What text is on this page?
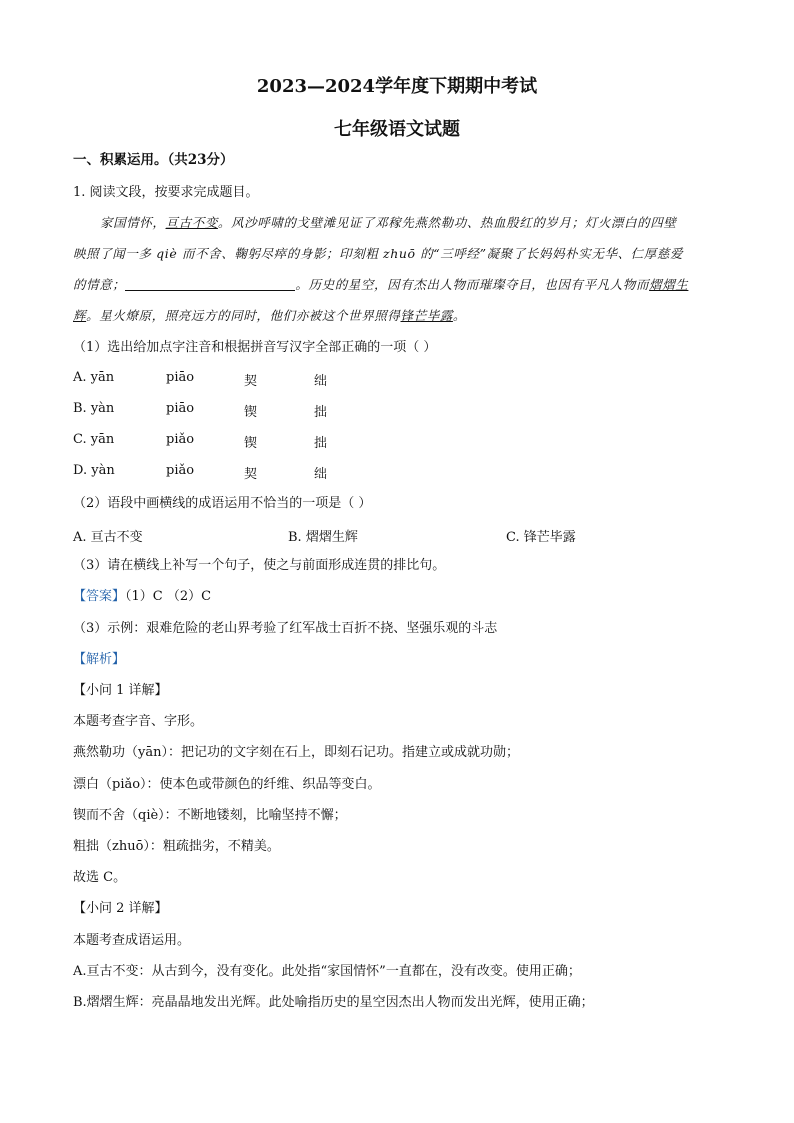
2023—2024学年度下期期中考试
七年级语文试题
一、积累运用。（共23分）
1. 阅读文段，按要求完成题目。
家国情怀，亘古不变。风沙呼啸的戈壁滩见证了邓稼先燕然勒功、热血殷红的岁月；灯火漂白的四壁
映照了闻一多 qiè 而不舍、鞠躬尽瘁的身影；印刻粗 zhuō 的“三呼经”凝聚了长妈妈朴实无华、仁厚慈爱
的情意；	。历史的星空，因有杰出人物而璀璨夺目，也因有平凡人物而熠熠生
辉。星火燎原，照亮远方的同时，他们亦被这个世界照得锋芒毕露。
（1）选出给加点字注音和根据拼音写汉字全部正确的一项（ ）
A. yān	piāo	契	绌
B. yàn	piāo	锲	拙
C. yān	piǎo	锲	拙
D. yàn	piǎo	契	绌
（2）语段中画横线的成语运用不恰当的一项是（ ）
A. 亘古不变	B. 熠熠生辉	C. 锋芒毕露
（3）请在横线上补写一个句子，使之与前面形成连贯的排比句。
【答案】（1）C （2）C
（3）示例：艰难危险的老山界考验了红军战士百折不挠、坚强乐观的斗志
【解析】
【小问 1 详解】
本题考查字音、字形。
燕然勒功（yān）：把记功的文字刻在石上，即刻石记功。指建立或成就功勋；
漂白（piǎo）：使本色或带颜色的纤维、织品等变白。
锲而不舍（qiè）：不断地镂刻，比喻坚持不懈；
粗拙（zhuō）：粗疏拙劣，不精美。
故选 C。
【小问 2 详解】
本题考查成语运用。
A.亘古不变：从古到今，没有变化。此处指“家国情怀”一直都在，没有改变。使用正确；
B.熠熠生辉：亮晶晶地发出光辉。此处喻指历史的星空因杰出人物而发出光辉，使用正确；
